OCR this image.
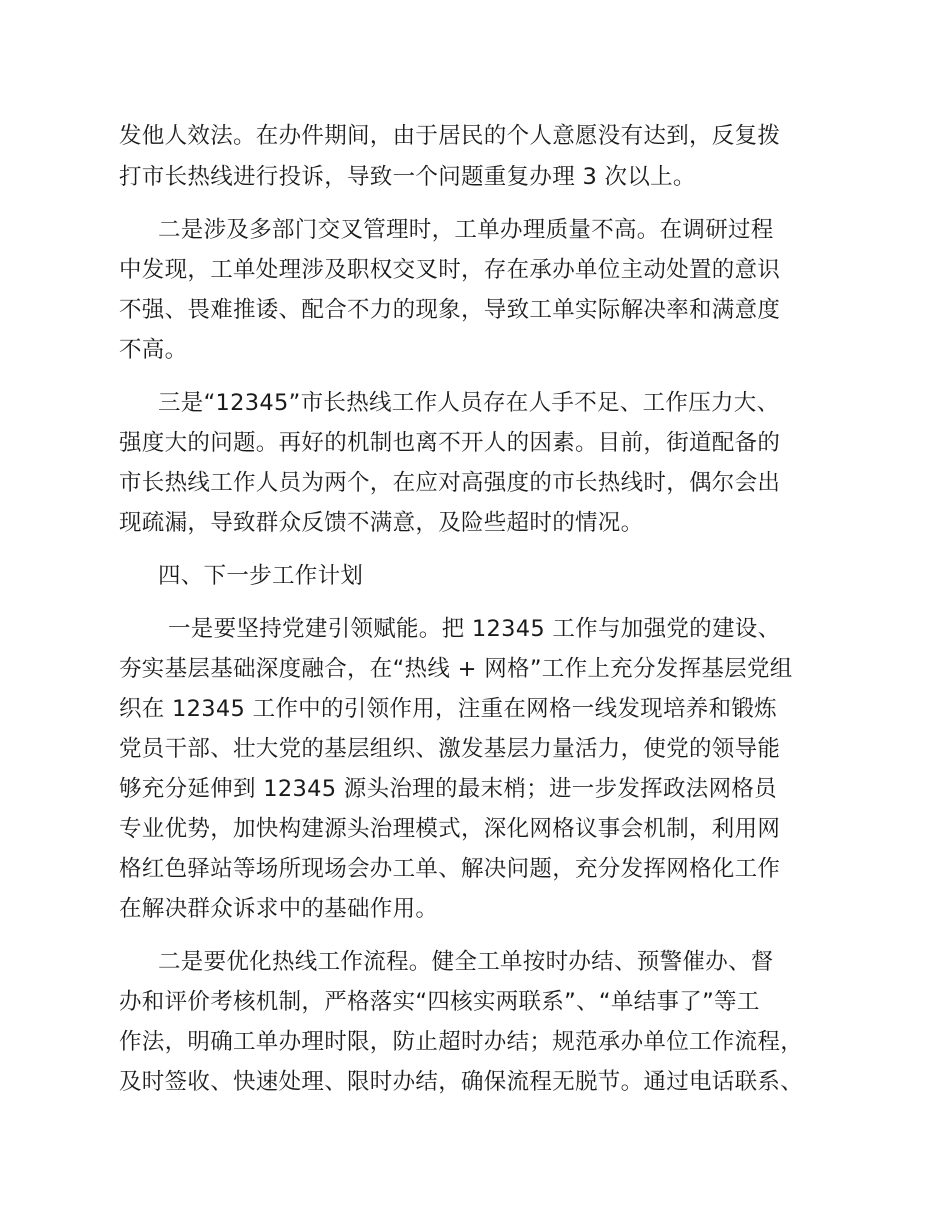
发他人效法。在办件期间，由于居民的个人意愿没有达到，反复拨
打市长热线进行投诉，导致一个问题重复办理 3 次以上。
二是涉及多部门交叉管理时，工单办理质量不高。在调研过程
中发现，工单处理涉及职权交叉时，存在承办单位主动处置的意识
不强、畏难推诿、配合不力的现象，导致工单实际解决率和满意度
不高。
三是“12345”市长热线工作人员存在人手不足、工作压力大、
强度大的问题。再好的机制也离不开人的因素。目前，街道配备的
市长热线工作人员为两个，在应对高强度的市长热线时，偶尔会出
现疏漏，导致群众反馈不满意，及险些超时的情况。
四、下一步工作计划
一是要坚持党建引领赋能。把 12345 工作与加强党的建设、
夯实基层基础深度融合，在“热线 + 网格”工作上充分发挥基层党组
织在 12345 工作中的引领作用，注重在网格一线发现培养和锻炼
党员干部、壮大党的基层组织、激发基层力量活力，使党的领导能
够充分延伸到 12345 源头治理的最末梢；进一步发挥政法网格员
专业优势，加快构建源头治理模式，深化网格议事会机制，利用网
格红色驿站等场所现场会办工单、解决问题，充分发挥网格化工作
在解决群众诉求中的基础作用。
二是要优化热线工作流程。健全工单按时办结、预警催办、督
办和评价考核机制，严格落实“四核实两联系”、“单结事了”等工
作法，明确工单办理时限，防止超时办结；规范承办单位工作流程，
及时签收、快速处理、限时办结，确保流程无脱节。通过电话联系、
